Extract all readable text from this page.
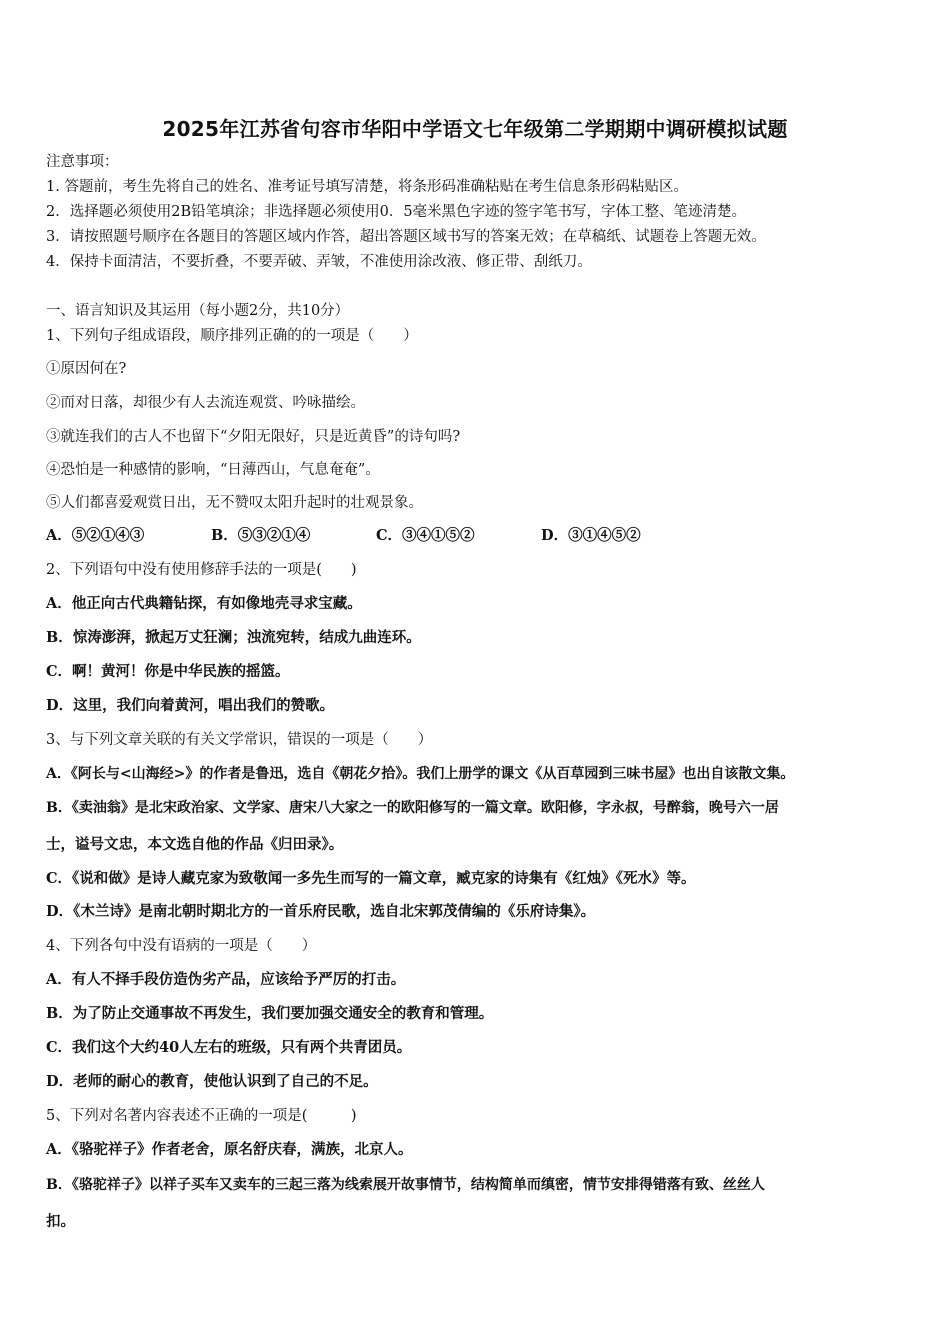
2025年江苏省句容市华阳中学语文七年级第二学期期中调研模拟试题
注意事项：
1. 答题前，考生先将自己的姓名、准考证号填写清楚，将条形码准确粘贴在考生信息条形码粘贴区。
2．选择题必须使用2B铅笔填涂；非选择题必须使用0．5毫米黑色字迹的签字笔书写，字体工整、笔迹清楚。
3．请按照题号顺序在各题目的答题区域内作答，超出答题区域书写的答案无效；在草稿纸、试题卷上答题无效。
4．保持卡面清洁，不要折叠，不要弄破、弄皱，不准使用涂改液、修正带、刮纸刀。
一、语言知识及其运用（每小题2分，共10分）
1、下列句子组成语段，顺序排列正确的的一项是（　　）
①原因何在?
②而对日落，却很少有人去流连观赏、吟咏描绘。
③就连我们的古人不也留下“夕阳无限好，只是近黄昏”的诗句吗?
④恐怕是一种感情的影响，“日薄西山，气息奄奄”。
⑤人们都喜爱观赏日出，无不赞叹太阳升起时的壮观景象。
A．⑤②①④③	B．⑤③②①④	C．③④①⑤②	D．③①④⑤②
2、下列语句中没有使用修辞手法的一项是(　　)
A．他正向古代典籍钻探，有如像地壳寻求宝藏。
B．惊涛澎湃，掀起万丈狂澜；浊流宛转，结成九曲连环。
C．啊！黄河！你是中华民族的摇篮。
D．这里，我们向着黄河，唱出我们的赞歌。
3、与下列文章关联的有关文学常识，错误的一项是（　　）
A．《阿长与<山海经>》的作者是鲁迅，选自《朝花夕拾》。我们上册学的课文《从百草园到三味书屋》也出自该散文集。
B．《卖油翁》是北宋政治家、文学家、唐宋八大家之一的欧阳修写的一篇文章。欧阳修，字永叔，号醉翁，晚号六一居
士，谥号文忠，本文选自他的作品《归田录》。
C．《说和做》是诗人藏克家为致敬闻一多先生而写的一篇文章，臧克家的诗集有《红烛》《死水》等。
D．《木兰诗》是南北朝时期北方的一首乐府民歌，选自北宋郭茂倩编的《乐府诗集》。
4、下列各句中没有语病的一项是（　　）
A．有人不择手段仿造伪劣产品，应该给予严厉的打击。
B．为了防止交通事故不再发生，我们要加强交通安全的教育和管理。
C．我们这个大约40人左右的班级，只有两个共青团员。
D．老师的耐心的教育，使他认识到了自己的不足。
5、下列对名著内容表述不正确的一项是(　　　)
A．《骆驼祥子》作者老舍，原名舒庆春，满族，北京人。
B．《骆驼祥子》以祥子买车又卖车的三起三落为线索展开故事情节，结构简单而缜密，情节安排得错落有致、丝丝人
扣。
